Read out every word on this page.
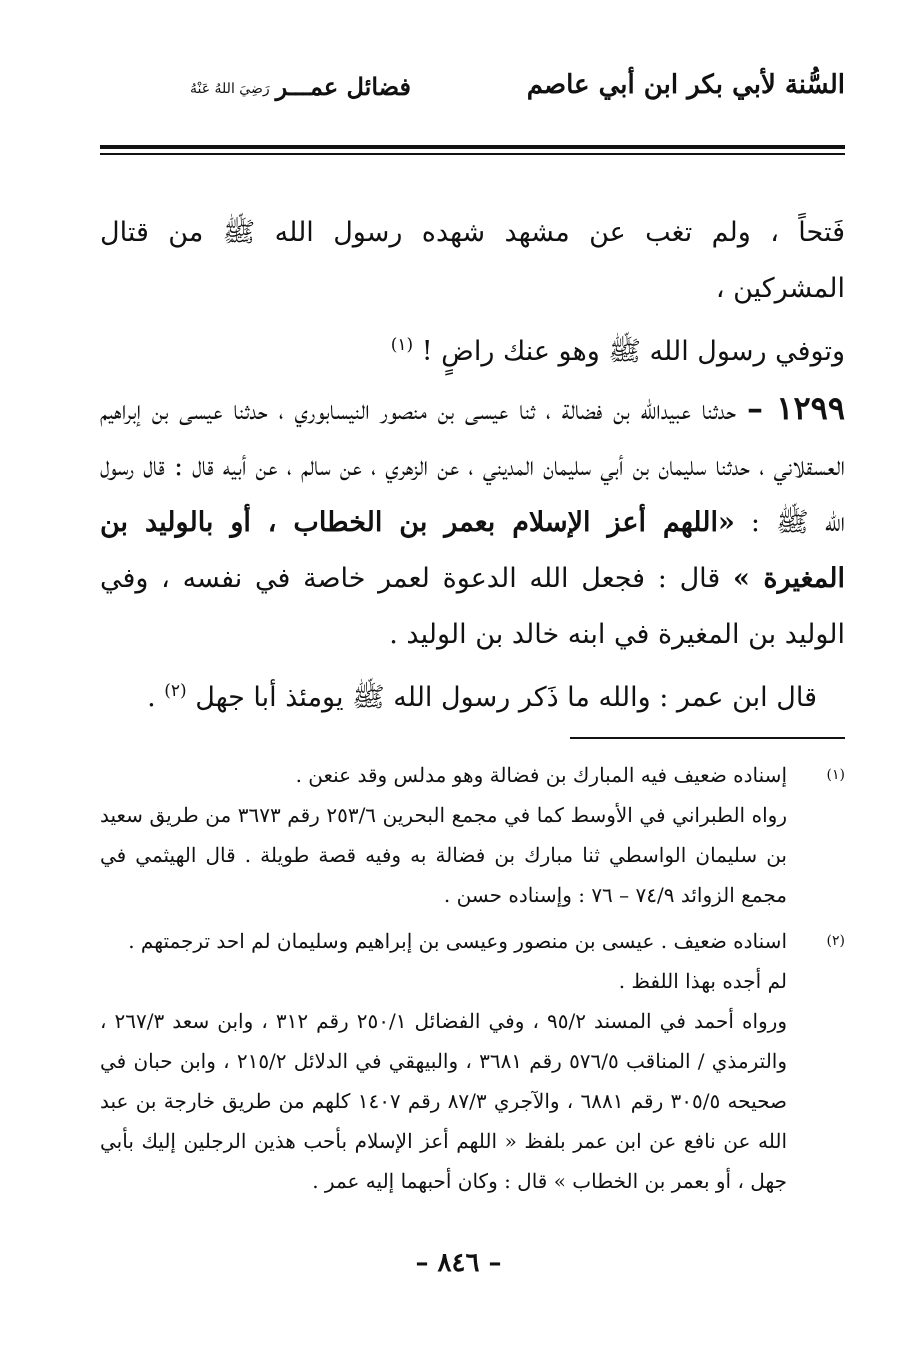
السُّنة لأبي بكر ابن أبي عاصم
فضائل عمـــررَضِيَ اللهُ عَنْهُ

فَتحاً ، ولم تغب عن مشهد شهده رسول الله ﷺ من قتال المشركين ،

وتوفي رسول الله ﷺ وهو عنك راضٍ ! $^{(١)}$

١٢٩٩ – حدثنا عبيدالله بن فضالة ، ثنا عيسى بن منصور النيسابوري ، حدثنا عيسى بن إبراهيم العسقلاني ، حدثنا سليمان بن أبي سليمان المديني ، عن الزهري ، عن سالم ، عن أبيه قال : قال رسول الله ﷺ : «اللهم أعز الإسلام بعمر بن الخطاب ، أو بالوليد بن المغيرة » قال : فجعل الله الدعوة لعمر خاصة في نفسه ، وفي الوليد بن المغيرة في ابنه خالد بن الوليد .

قال ابن عمر : والله ما ذَكر رسول الله ﷺ يومئذ أبا جهل $^{(٢)}$ .

(١)
إسناده ضعيف فيه المبارك بن فضالة وهو مدلس وقد عنعن .
رواه الطبراني في الأوسط كما في مجمع البحرين ٢٥٣/٦ رقم ٣٦٧٣ من طريق سعيد بن سليمان الواسطي ثنا مبارك بن فضالة به وفيه قصة طويلة . قال الهيثمي في مجمع الزوائد ٧٤/٩ – ٧٦ : وإسناده حسن .
(٢)
اسناده ضعيف . عيسى بن منصور وعيسى بن إبراهيم وسليمان لم احد ترجمتهم .
لم أجده بهذا اللفظ .
ورواه أحمد في المسند ٩٥/٢ ، وفي الفضائل ٢٥٠/١ رقم ٣١٢ ، وابن سعد ٢٦٧/٣ ، والترمذي / المناقب ٥٧٦/٥ رقم ٣٦٨١ ، والبيهقي في الدلائل ٢١٥/٢ ، وابن حبان في صحيحه ٣٠٥/٥ رقم ٦٨٨١ ، والآجري ٨٧/٣ رقم ١٤٠٧ كلهم من طريق خارجة بن عبد الله عن نافع عن ابن عمر بلفظ « اللهم أعز الإسلام بأحب هذين الرجلين إليك بأبي جهل ، أو بعمر بن الخطاب » قال : وكان أحبهما إليه عمر .
– ٨٤٦ –
